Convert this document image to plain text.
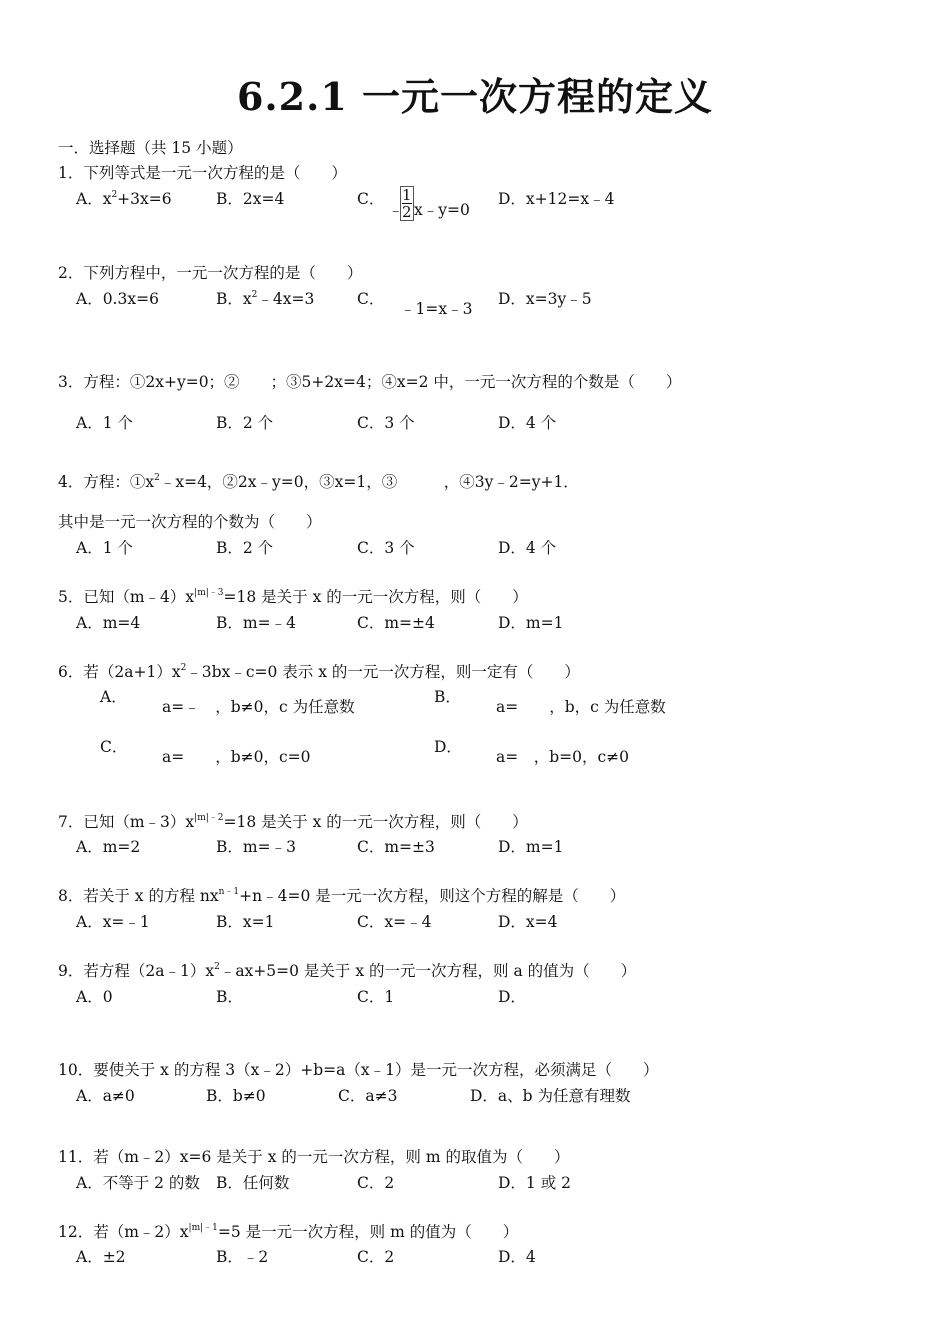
6.2.1 一元一次方程的定义
一．选择题（共 15 小题）
1．下列等式是一元一次方程的是（　　）
A．$x^2+3x=6$	B．2x=4	C．
﹣
1
2 x﹣y=0
D．x+12=x﹣4
2．下列方程中，一元一次方程的是（　　）
A．0.3x=6	B．$x^2﹣4x=3$	C．
﹣1=x﹣3
D．x=3y﹣5
3．方程：①2x+y=0；②　　；③5+2x=4；④x=2 中，一元一次方程的个数是（　　）
A．1 个	B．2 个	C．3 个	D．4 个
4．方程：$①x^2﹣x=4$，②2x﹣y=0，③x=1，③　　　，④3y﹣2=y+1．
其中是一元一次方程的个数为（　　）
A．1 个	B．2 个	C．3 个	D．4 个
5．已知$(m﹣4)x^{|m|﹣3}=18$ 是关于 x 的一元一次方程，则（　　）
A．m=4	B．m=﹣4	C．m=±4	D．m=1
6．若$(2a+1)x^2﹣3bx﹣c=0$ 表示 x 的一元一次方程，则一定有（　　）
A．
a=﹣　，b≠0，c 为任意数
B．
a=　　，b，c 为任意数
C．
a=　　，b≠0，c=0
D．
a=　，b=0，c≠0
7．已知$(m﹣3)x^{|m|﹣2}=18$ 是关于 x 的一元一次方程，则（　　）
A．m=2	B．m=﹣3	C．m=±3	D．m=1
8．若关于 x 的方程 $nx^{n﹣1}+n﹣4=0$ 是一元一次方程，则这个方程的解是（　　）
A．x=﹣1	B．x=1	C．x=﹣4	D．x=4
9．若方程$(2a﹣1)x^2﹣ax+5=0$ 是关于 x 的一元一次方程，则 a 的值为（　　）
A．0	B．	C．1	D．
10．要使关于 x 的方程 3（x﹣2）+b=a（x﹣1）是一元一次方程，必须满足（　　）
A．a≠0	B．b≠0	C．a≠3	D．a、b 为任意有理数
11．若（m﹣2）x=6 是关于 x 的一元一次方程，则 m 的取值为（　　）
A．不等于 2 的数 B．任何数	C．2	D．1 或 2
12．若$(m﹣2)x^{|m|﹣1}=5$ 是一元一次方程，则 m 的值为（　　）
A．±2	B．﹣2	C．2	D．4
